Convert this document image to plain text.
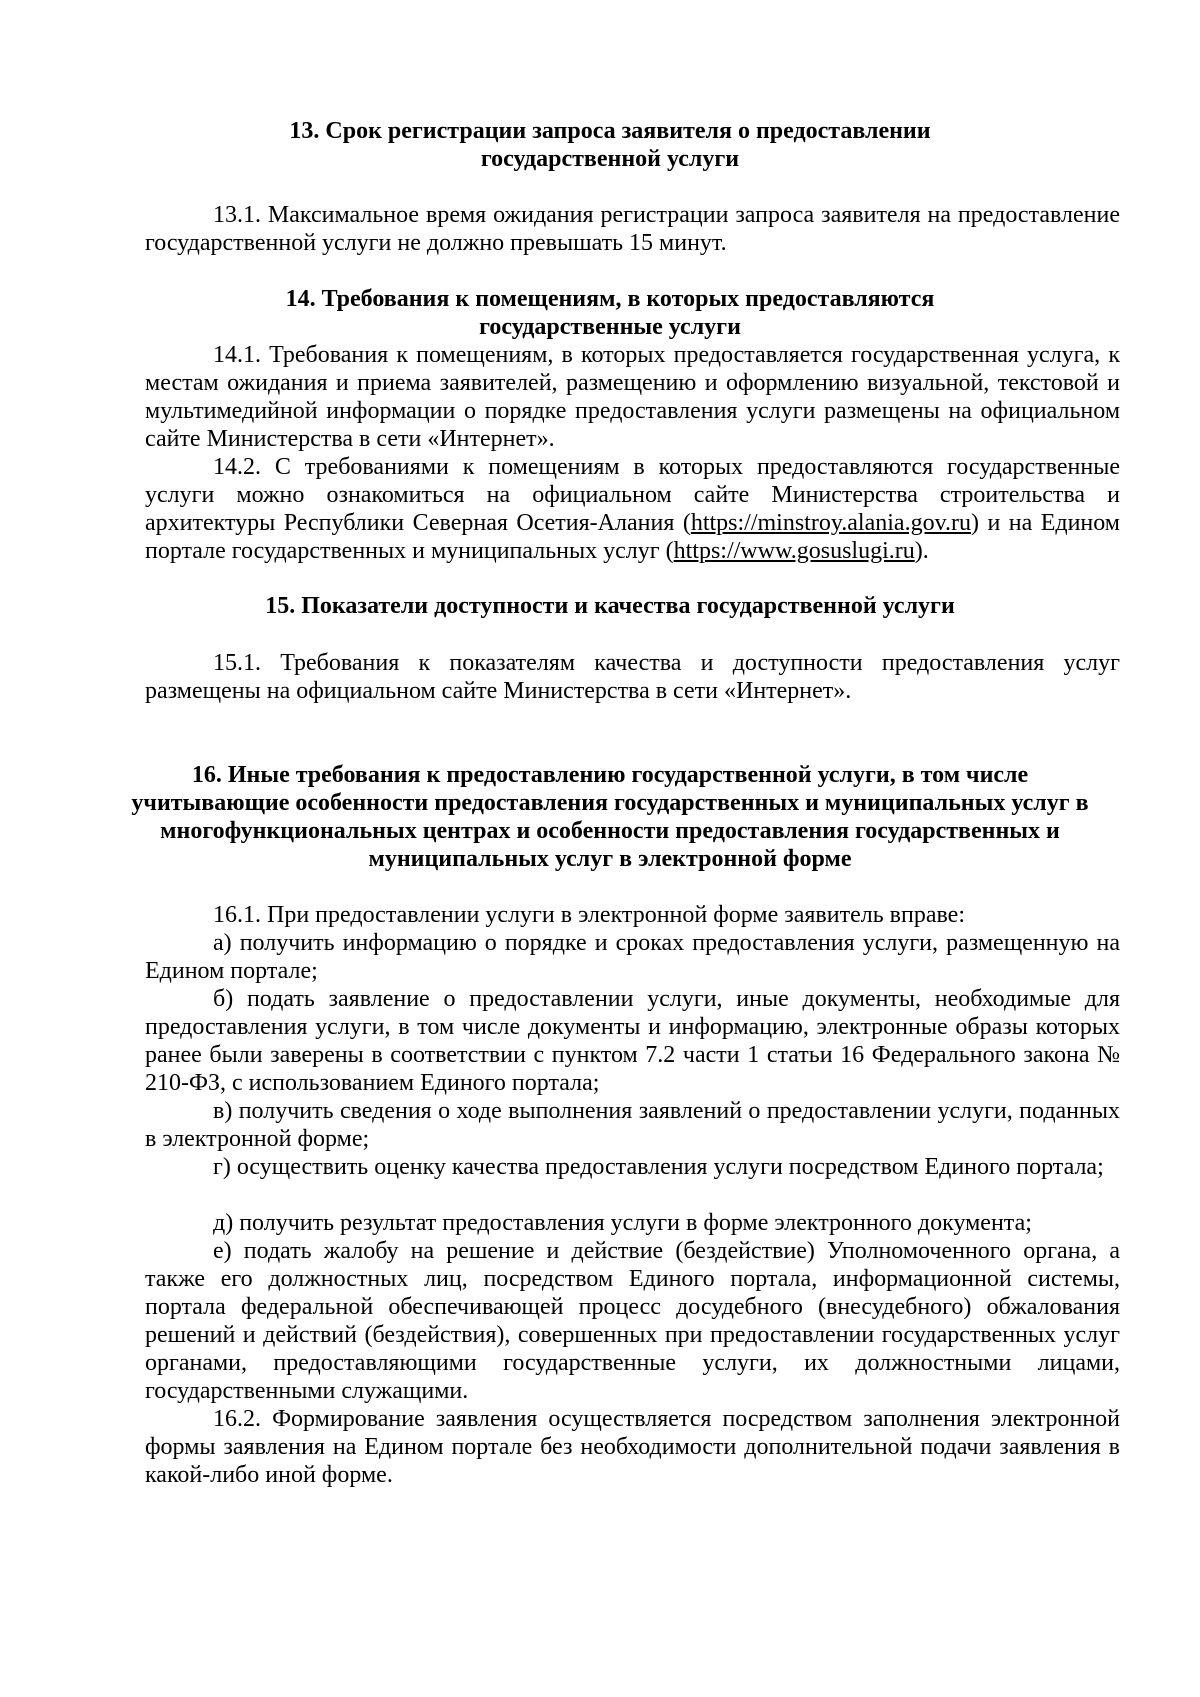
13. Срок регистрации запроса заявителя о предоставлении
государственной услуги

13.1. Максимальное время ожидания регистрации запроса заявителя на предоставление государственной услуги не должно превышать 15 минут.

14. Требования к помещениям, в которых предоставляются
государственные услуги

14.1. Требования к помещениям, в которых предоставляется государственная услуга, к местам ожидания и приема заявителей, размещению и оформлению визуальной, текстовой и мультимедийной информации о порядке предоставления услуги размещены на официальном сайте Министерства в сети «Интернет».

14.2. С требованиями к помещениям в которых предоставляются государственные услуги можно ознакомиться на официальном сайте Министерства строительства и архитектуры Республики Северная Осетия-Алания (https://minstroy.alania.gov.ru) и на Едином портале государственных и муниципальных услуг (https://www.gosuslugi.ru).

15. Показатели доступности и качества государственной услуги

15.1. Требования к показателям качества и доступности предоставления услуг размещены на официальном сайте Министерства в сети «Интернет».

16. Иные требования к предоставлению государственной услуги, в том числе
учитывающие особенности предоставления государственных и муниципальных услуг в
многофункциональных центрах и особенности предоставления государственных и
муниципальных услуг в электронной форме

16.1. При предоставлении услуги в электронной форме заявитель вправе:

а) получить информацию о порядке и сроках предоставления услуги, размещенную на Едином портале;

б) подать заявление о предоставлении услуги, иные документы, необходимые для предоставления услуги, в том числе документы и информацию, электронные образы которых ранее были заверены в соответствии с пунктом 7.2 части 1 статьи 16 Федерального закона № 210-ФЗ, с использованием Единого портала;

в) получить сведения о ходе выполнения заявлений о предоставлении услуги, поданных в электронной форме;

г) осуществить оценку качества предоставления услуги посредством Единого портала;

д) получить результат предоставления услуги в форме электронного документа;

е) подать жалобу на решение и действие (бездействие) Уполномоченного органа, а также его должностных лиц, посредством Единого портала, информационной системы, портала федеральной обеспечивающей процесс досудебного (внесудебного) обжалования решений и действий (бездействия), совершенных при предоставлении государственных услуг органами, предоставляющими государственные услуги, их должностными лицами, государственными служащими.

16.2. Формирование заявления осуществляется посредством заполнения электронной формы заявления на Едином портале без необходимости дополнительной подачи заявления в какой-либо иной форме.
